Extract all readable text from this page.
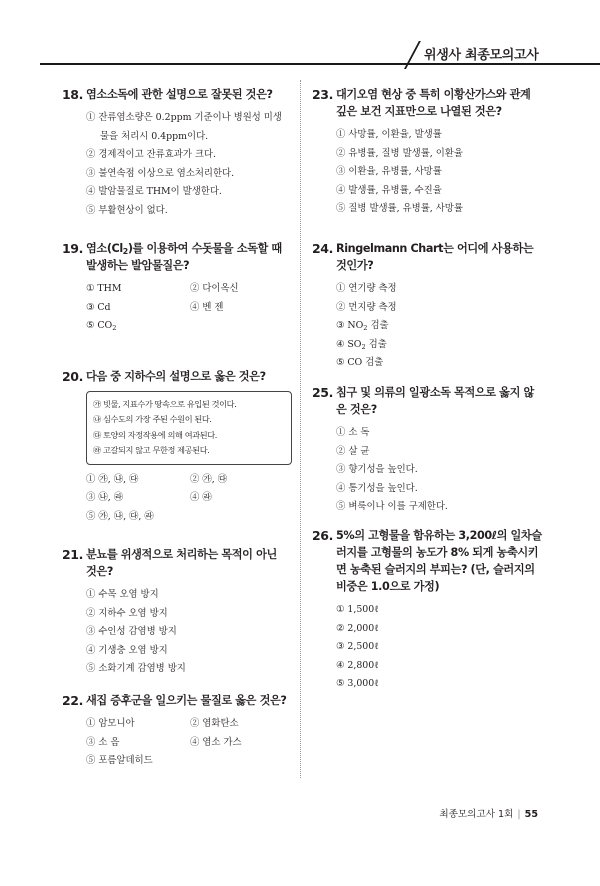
위생사 최종모의고사
18. 염소소독에 관한 설명으로 잘못된 것은?
① 잔류염소량은 0.2ppm 기준이나 병원성 미생물을 처리시 0.4ppm이다.
② 경제적이고 잔류효과가 크다.
③ 불연속점 이상으로 염소처리한다.
④ 발암물질로 THM이 발생한다.
⑤ 부활현상이 없다.
19. 염소$(Cl_2)$를 이용하여 수돗물을 소독할 때 발생하는 발암물질은?
① THM	② 다이옥신
③ Cd	④ 벤 젠
⑤ $CO_2$
20. 다음 중 지하수의 설명으로 옳은 것은?
㉮ 빗물, 지표수가 땅속으로 유입된 것이다.
㉯ 심수도의 가장 주된 수원이 된다.
㉰ 토양의 자정작용에 의해 여과된다.
㉱ 고갈되지 않고 무한정 제공된다.
① ㉮, ㉯, ㉰	② ㉮, ㉰
③ ㉯, ㉱	④ ㉱
⑤ ㉮, ㉯, ㉰, ㉱
21. 분뇨를 위생적으로 처리하는 목적이 아닌 것은?
① 수목 오염 방지
② 지하수 오염 방지
③ 수인성 감염병 방지
④ 기생충 오염 방지
⑤ 소화기계 감염병 방지
22. 새집 증후군을 일으키는 물질로 옳은 것은?
① 암모니아	② 염화탄소
③ 소 음	④ 염소 가스
⑤ 포름알데히드
23. 대기오염 현상 중 특히 이황산가스와 관계 깊은 보건 지표만으로 나열된 것은?
① 사망률, 이환율, 발생률
② 유병률, 질병 발생률, 이환율
③ 이환율, 유병률, 사망률
④ 발생률, 유병률, 수진율
⑤ 질병 발생률, 유병률, 사망률
24. Ringelmann Chart는 어디에 사용하는 것인가?
① 연기량 측정
② 먼지량 측정
③ $NO_2$ 검출
④ $SO_2$ 검출
⑤ CO 검출
25. 침구 및 의류의 일광소독 목적으로 옳지 않은 것은?
① 소 독
② 살 균
③ 향기성을 높인다.
④ 통기성을 높인다.
⑤ 벼룩이나 이를 구제한다.
26. 5%의 고형물을 함유하는 3,200ℓ의 일차슬러지를 고형물의 농도가 8% 되게 농축시키면 농축된 슬러지의 부피는? (단, 슬러지의 비중은 1.0으로 가정)
① 1,500ℓ
② 2,000ℓ
③ 2,500ℓ
④ 2,800ℓ
⑤ 3,000ℓ
최종모의고사 1회 | 55
